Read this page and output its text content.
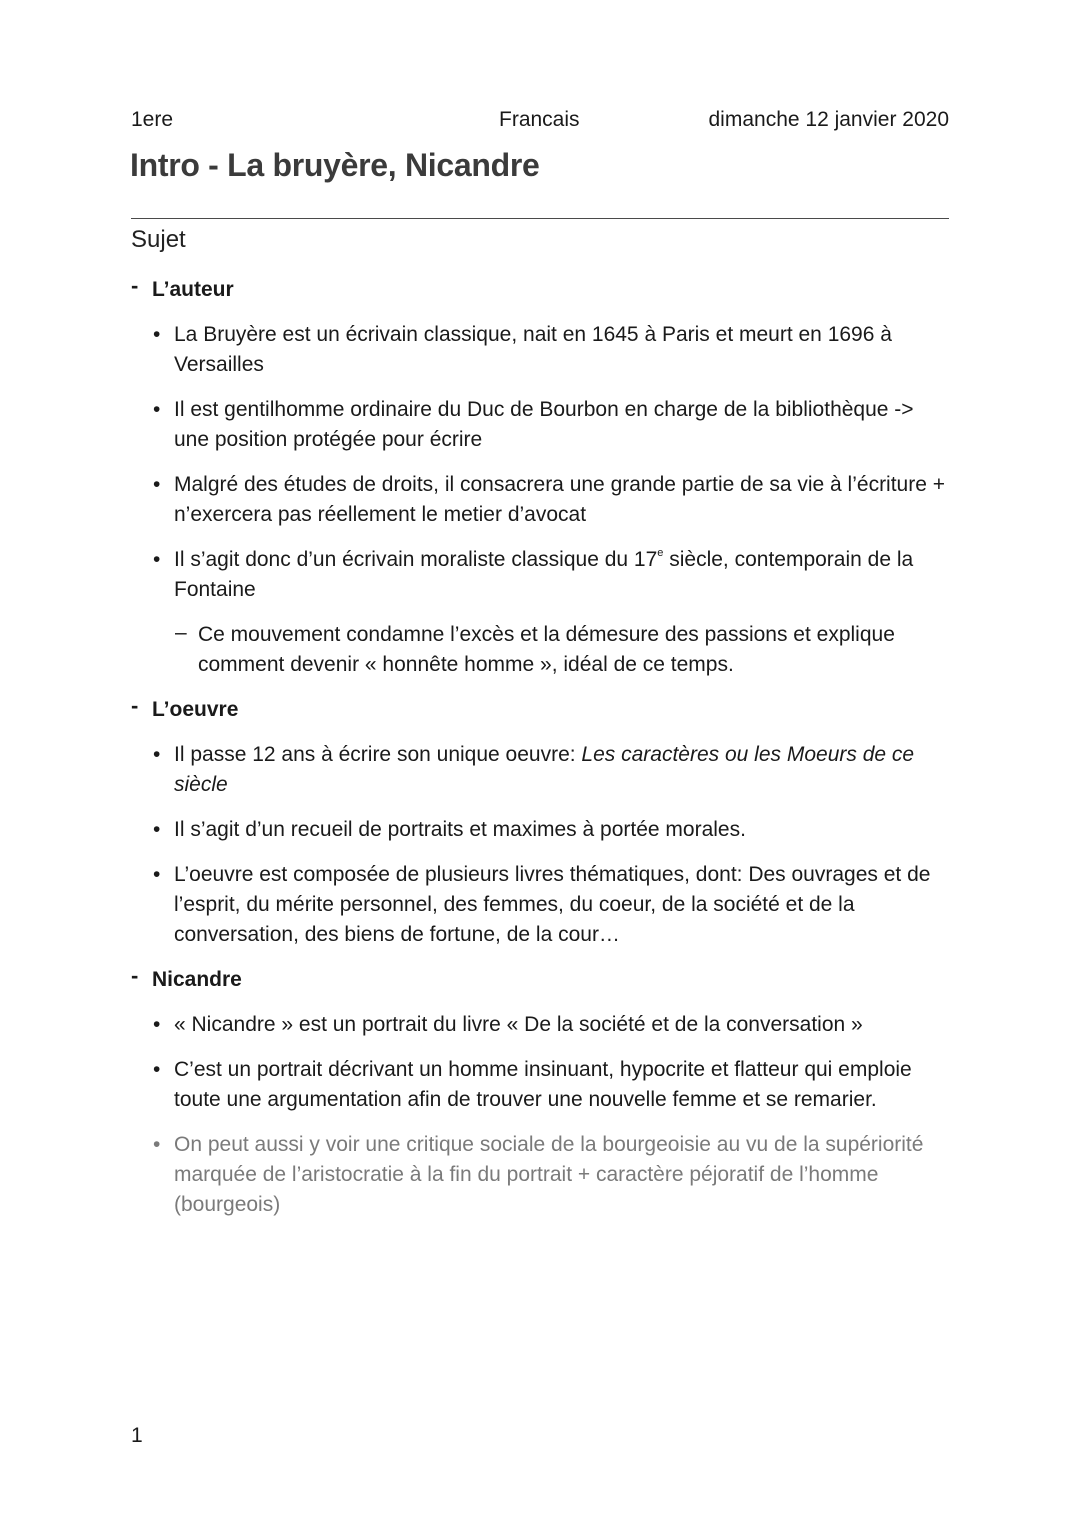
1ere	Francais	dimanche 12 janvier 2020
Intro - La bruyère, Nicandre
Sujet
- L’auteur
• La Bruyère est un écrivain classique, nait en 1645 à Paris et meurt en 1696 à Versailles
• Il est gentilhomme ordinaire du Duc de Bourbon en charge de la bibliothèque -> une position protégée pour écrire
• Malgré des études de droits, il consacrera une grande partie de sa vie à l’écriture + n’exercera pas réellement le metier d’avocat
• Il s’agit donc d’un écrivain moraliste classique du 17e siècle, contemporain de la Fontaine
– Ce mouvement condamne l’excès et la démesure des passions et explique comment devenir « honnête homme », idéal de ce temps.
- L’oeuvre
• Il passe 12 ans à écrire son unique oeuvre: Les caractères ou les Moeurs de ce siècle
• Il s’agit d’un recueil de portraits et maximes à portée morales.
• L’oeuvre est composée de plusieurs livres thématiques, dont: Des ouvrages et de l’esprit, du mérite personnel, des femmes, du coeur, de la société et de la conversation, des biens de fortune, de la cour…
- Nicandre
• « Nicandre » est un portrait du livre « De la société et de la conversation »
• C’est un portrait décrivant un homme insinuant, hypocrite et flatteur qui emploie toute une argumentation afin de trouver une nouvelle femme et se remarier.
• On peut aussi y voir une critique sociale de la bourgeoisie au vu de la supériorité marquée de l’aristocratie à la fin du portrait + caractère péjoratif de l’homme (bourgeois)
1
